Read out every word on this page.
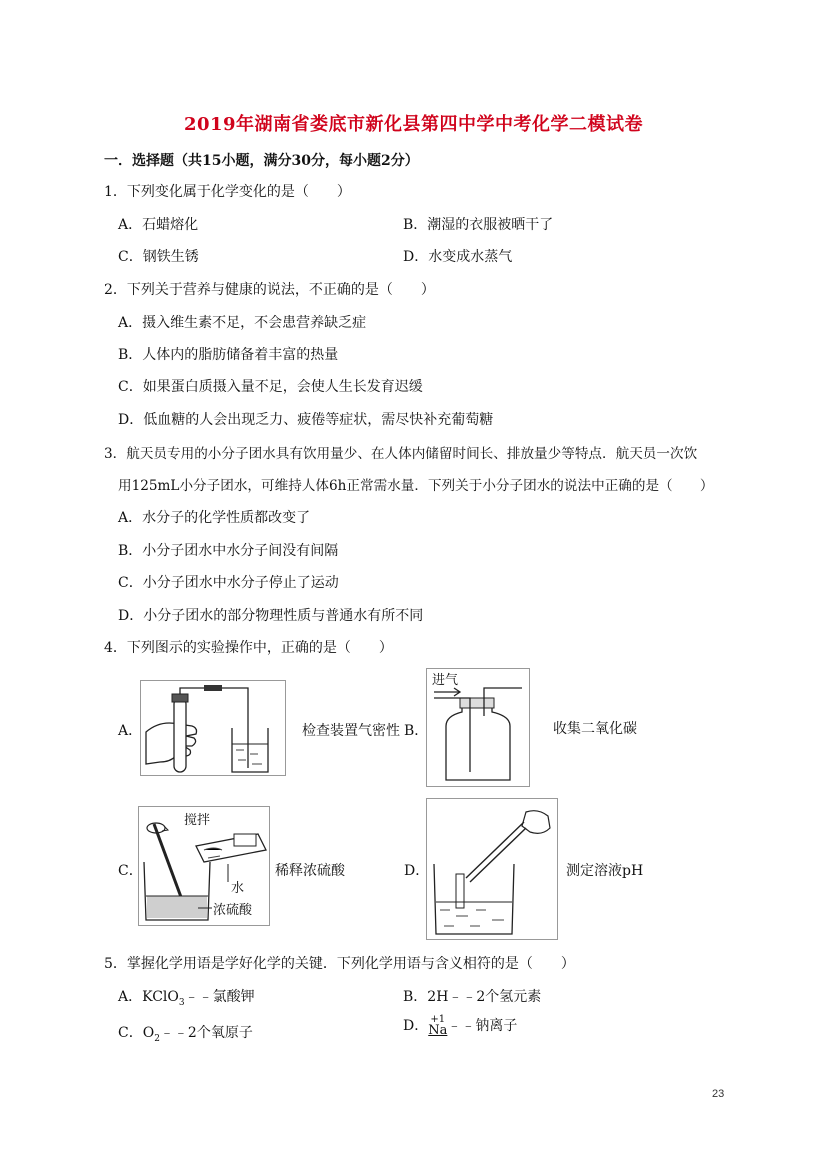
2019年湖南省娄底市新化县第四中学中考化学二模试卷
一．选择题（共15小题，满分30分，每小题2分）
1．下列变化属于化学变化的是（　　）
A．石蜡熔化	B．潮湿的衣服被晒干了
C．钢铁生锈	D．水变成水蒸气
2．下列关于营养与健康的说法，不正确的是（　　）
A．摄入维生素不足，不会患营养缺乏症
B．人体内的脂肪储备着丰富的热量
C．如果蛋白质摄入量不足，会使人生长发育迟缓
D．低血糖的人会出现乏力、疲倦等症状，需尽快补充葡萄糖
3．航天员专用的小分子团水具有饮用量少、在人体内储留时间长、排放量少等特点．航天员一次饮
用125mL小分子团水，可维持人体6h正常需水量．下列关于小分子团水的说法中正确的是（　　）
A．水分子的化学性质都改变了
B．小分子团水中水分子间没有间隔
C．小分子团水中水分子停止了运动
D．小分子团水的部分物理性质与普通水有所不同
4．下列图示的实验操作中，正确的是（　　）
A．	检查装置气密性 B．
进气
收集二氧化碳
C．
搅拌
水
浓硫酸
稀释浓硫酸	D．	测定溶液pH
5．掌握化学用语是学好化学的关键．下列化学用语与含义相符的是（　　）
A．KClO$_3$﹣﹣氯酸钾	B．2H﹣﹣2个氢元素
C．$O_2﹣﹣2$个氧原子	D． +1
Na ﹣﹣钠离子
23
